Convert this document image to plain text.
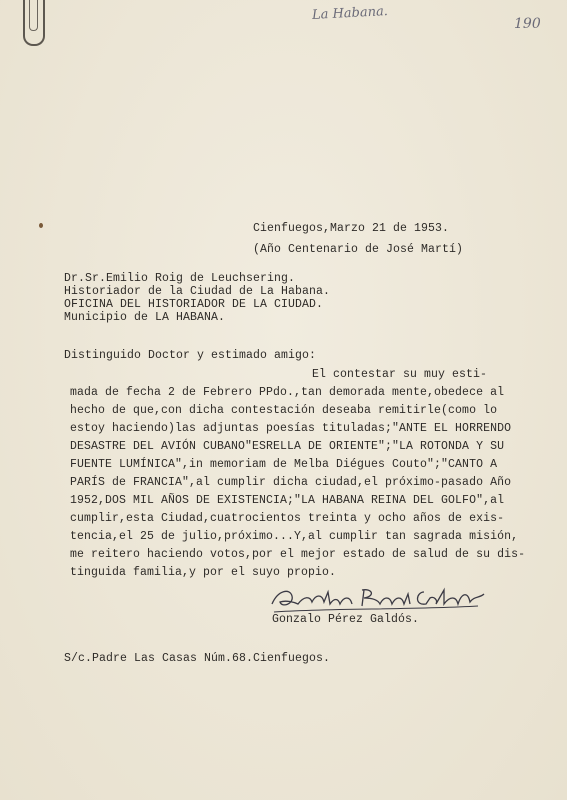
La Habana.
190
Cienfuegos,Marzo 21 de 1953.
(Año Centenario de José Martí)
Dr.Sr.Emilio Roig de Leuchsering.
Historiador de la Ciudad de La Habana.
OFICINA DEL HISTORIADOR DE LA CIUDAD.
Municipio de LA HABANA.
Distinguido Doctor y estimado amigo:
El contestar su muy esti-
mada de fecha 2 de Febrero PPdo.,tan demorada mente,obedece al
hecho de que,con dicha contestación deseaba remitirle(como lo
estoy haciendo)las adjuntas poesías tituladas;"ANTE EL HORRENDO
DESASTRE DEL AVIÓN CUBANO"ESRELLA DE ORIENTE";"LA ROTONDA Y SU
FUENTE LUMÍNICA",in memoriam de Melba Diégues Couto";"CANTO A
PARÍS de FRANCIA",al cumplir dicha ciudad,el próximo-pasado Año
1952,DOS MIL AÑOS DE EXISTENCIA;"LA HABANA REINA DEL GOLFO",al
cumplir,esta Ciudad,cuatrocientos treinta y ocho años de exis-
tencia,el 25 de julio,próximo...Y,al cumplir tan sagrada misión,
me reitero haciendo votos,por el mejor estado de salud de su dis-
tinguida familia,y por el suyo propio.
Gonzalo Pérez Galdós.
S/c.Padre Las Casas Núm.68.Cienfuegos.
